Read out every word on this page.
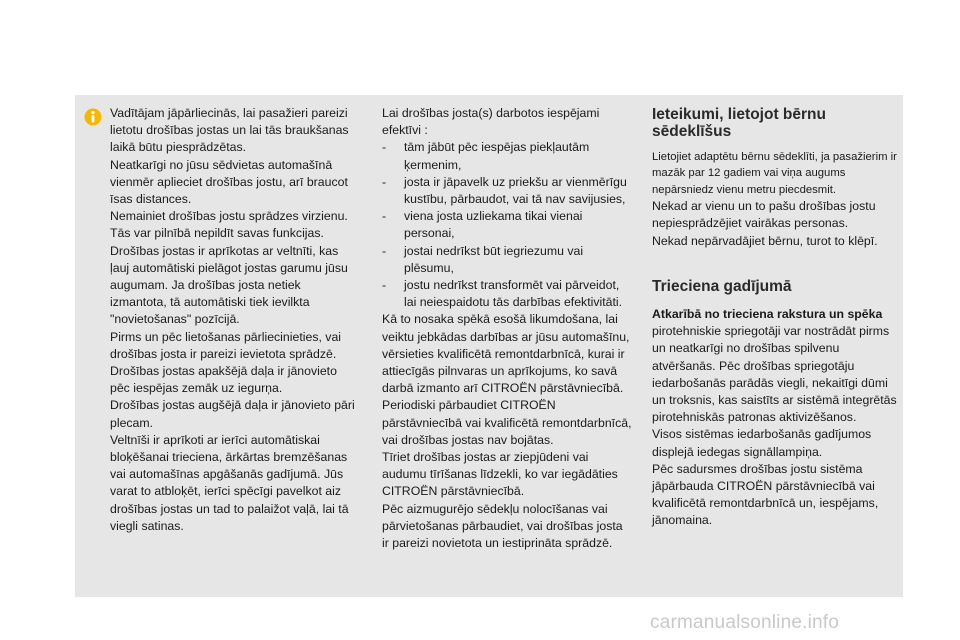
Vadītājam jāpārliecinās, lai pasažieri pareizi lietotu drošības jostas un lai tās braukšanas laikā būtu piesprādzētas.

Neatkarīgi no jūsu sēdvietas automašīnā vienmēr aplieciet drošības jostu, arī braucot īsas distances.

Nemainiet drošības jostu sprādzes virzienu. Tās var pilnībā nepildīt savas funkcijas.

Drošības jostas ir aprīkotas ar veltnīti, kas ļauj automātiski pielāgot jostas garumu jūsu augumam. Ja drošības josta netiek izmantota, tā automātiski tiek ievilkta "novietošanas" pozīcijā.

Pirms un pēc lietošanas pārliecinieties, vai drošības josta ir pareizi ievietota sprādzē.

Drošības jostas apakšējā daļa ir jānovieto pēc iespējas zemāk uz iegurņa.

Drošības jostas augšējā daļa ir jānovieto pāri plecam.

Veltnīši ir aprīkoti ar ierīci automātiskai bloķēšanai trieciena, ārkārtas bremzēšanas vai automašīnas apgāšanās gadījumā. Jūs varat to atbloķēt, ierīci spēcīgi pavelkot aiz drošības jostas un tad to palaižot vaļā, lai tā viegli satinas.

Lai drošības josta(s) darbotos iespējami efektīvi :

-	tām jābūt pēc iespējas piekļautām ķermenim,
-	josta ir jāpavelk uz priekšu ar vienmērīgu kustību, pārbaudot, vai tā nav savijusies,
-	viena josta uzliekama tikai vienai personai,
-	jostai nedrīkst būt iegriezumu vai plēsumu,
-	jostu nedrīkst transformēt vai pārveidot, lai neiespaidotu tās darbības efektivitāti.

Kā to nosaka spēkā esošā likumdošana, lai veiktu jebkādas darbības ar jūsu automašīnu, vērsieties kvalificētā remontdarbnīcā, kurai ir attiecīgās pilnvaras un aprīkojums, ko savā darbā izmanto arī CITROËN pārstāvniecībā.

Periodiski pārbaudiet CITROËN pārstāvniecībā vai kvalificētā remontdarbnīcā, vai drošības jostas nav bojātas.

Tīriet drošības jostas ar ziepjūdeni vai audumu tīrīšanas līdzekli, ko var iegādāties CITROËN pārstāvniecībā.

Pēc aizmugurējo sēdekļu nolocīšanas vai pārvietošanas pārbaudiet, vai drošības josta ir pareizi novietota un iestiprināta sprādzē.

Ieteikumi, lietojot bērnu sēdeklīšus

Lietojiet adaptētu bērnu sēdeklīti, ja pasažierim ir mazāk par 12 gadiem vai viņa augums nepārsniedz vienu metru piecdesmit.

Nekad ar vienu un to pašu drošības jostu nepiesprādzējiet vairākas personas.

Nekad nepārvadājiet bērnu, turot to klēpī.

Trieciena gadījumā

Atkarībā no trieciena rakstura un spēka

pirotehniskie spriegotāji var nostrādāt pirms un neatkarīgi no drošības spilvenu atvēršanās. Pēc drošības spriegotāju iedarbošanās parādās viegli, nekaitīgi dūmi un troksnis, kas saistīts ar sistēmā integrētās pirotehniskās patronas aktivizēšanos.

Visos sistēmas iedarbošanās gadījumos displejā iedegas signāllampiņa.

Pēc sadursmes drošības jostu sistēma jāpārbauda CITROËN pārstāvniecībā vai kvalificētā remontdarbnīcā un, iespējams, jānomaina.

carmanualsonline.info
